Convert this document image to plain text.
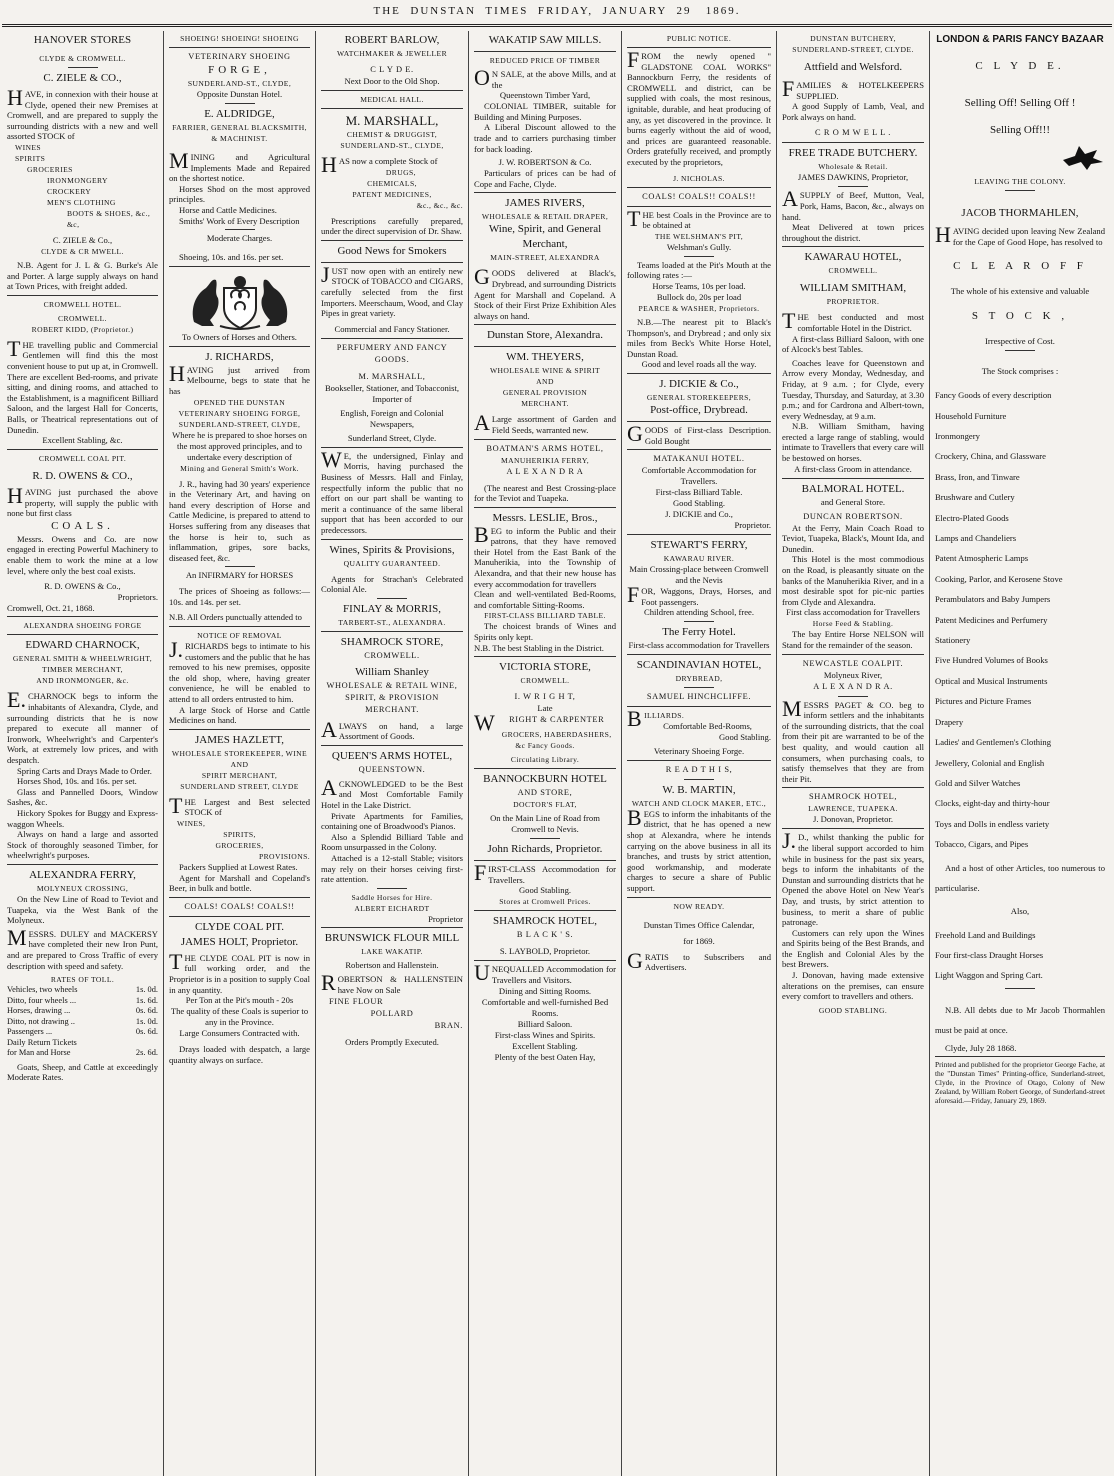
THE  DUNSTAN  TIMES  FRIDAY,  JANUARY  29   1869.

HANOVER STORES

CLYDE & CROMWELL.

C. ZIELE & CO.,

HAVE, in connexion with their house at Clyde, opened their new Premises at Cromwell, and are prepared to supply the surrounding districts with a new and well assorted STOCK of

WINES

SPIRITS

GROCERIES

IRONMONGERY

CROCKERY

MEN'S CLOTHING

BOOTS & SHOES, &c., &c,

C. ZIELE & Co.,

CLYDE & CR MWELL.

N.B. Agent for J. L & G. Burke's Ale and Porter. A large supply always on hand at Town Prices, with freight added.

CROMWELL HOTEL.

CROMWELL.

ROBERT KIDD, (Proprietor.)

THE travelling public and Commercial Gentlemen will find this the most convenient house to put up at, in Cromwell. There are excellent Bed-rooms, and private sitting, and dining rooms, and attached to the Establishment, is a magnificent Billiard Saloon, and the largest Hall for Concerts, Balls, or Theatrical representations out of Dunedin.

Excellent Stabling, &c.

CROMWELL COAL PIT.

R. D. OWENS & CO.,

HAVING just purchased the above property, will supply the public with none but first class

COALS.

Messrs. Owens and Co. are now engaged in erecting Powerful Machinery to enable them to work the mine at a low level, where only the best coal exists.

R. D. OWENS & Co.,

Proprietors.

Cromwell, Oct. 21, 1868.

ALEXANDRA SHOEING FORGE

EDWARD CHARNOCK,

GENERAL SMITH & WHEELWRIGHT,

TIMBER MERCHANT,

AND IRONMONGER, &c.

E.CHARNOCK begs to inform the inhabitants of Alexandra, Clyde, and surrounding districts that he is now prepared to execute all manner of Ironwork, Wheelwright's and Carpenter's Work, at extremely low prices, and with despatch.

Spring Carts and Drays Made to Order.

Horses Shod, 10s. and 16s. per set.

Glass and Pannelled Doors, Window Sashes, &c.

Hickory Spokes for Buggy and Express-waggon Wheels.

Always on hand a large and assorted Stock of thoroughly seasoned Timber, for wheelwright's purposes.

ALEXANDRA FERRY,

MOLYNEUX CROSSING,

On the New Line of Road to Teviot and Tuapeka, via the West Bank of the Molyneux.

MESSRS. DULEY and MACKERSY have completed their new Iron Punt, and are prepared to Cross Traffic of every description with speed and safety.

RATES OF TOLL.

Vehicles, two wheels	1s. 0d.
Ditto, four wheels ...	1s. 6d.
Horses, drawing ...	0s. 6d.
Ditto, not drawing ..	1s. 0d.
Passengers ...	0s. 6d.
Daily Return Tickets	
for Man and Horse	2s. 6d.

Goats, Sheep, and Cattle at exceedingly Moderate Rates.

SHOEING! SHOEING! SHOEING

VETERINARY SHOEING

FORGE,

SUNDERLAND-ST., CLYDE,

Opposite Dunstan Hotel.

E. ALDRIDGE,

FARRIER, GENERAL BLACKSMITH, & MACHINIST.

MINING and Agricultural Implements Made and Repaired on the shortest notice.

Horses Shod on the most approved principles.

Horse and Cattle Medicines.

Smiths' Work of Every Description

Moderate Charges.

Shoeing, 10s. and 16s. per set.

To Owners of Horses and Others.

J. RICHARDS,

HAVING just arrived from Melbourne, begs to state that he has

OPENED THE DUNSTAN

VETERINARY SHOEING FORGE,

SUNDERLAND-STREET, CLYDE,

Where he is prepared to shoe horses on the most approved principles, and to undertake every description of

Mining and General Smith's Work.

J. R., having had 30 years' experience in the Veterinary Art, and having on hand every description of Horse and Cattle Medicine, is prepared to attend to Horses suffering from any diseases that the horse is heir to, such as inflammation, gripes, sore backs, diseased feet, &c.

An INFIRMARY for HORSES

The prices of Shoeing as follows:—10s. and 14s. per set.

N.B. All Orders punctually attended to

NOTICE OF REMOVAL

J.RICHARDS begs to intimate to his customers and the public that he has removed to his new premises, opposite the old shop, where, having greater convenience, he will be enabled to attend to all orders entrusted to him.

A large Stock of Horse and Cattle Medicines on hand.

JAMES HAZLETT,

WHOLESALE STOREKEEPER, WINE

AND

SPIRIT MERCHANT,

SUNDERLAND STREET, CLYDE

THE Largest and Best selected STOCK of

WINES,

SPIRITS,

GROCERIES,

PROVISIONS.

Packers Supplied at Lowest Rates.

Agent for Marshall and Copeland's Beer, in bulk and bottle.

COALS! COALS! COALS!!

CLYDE COAL PIT.

JAMES HOLT, Proprietor.

THE CLYDE COAL PIT is now in full working order, and the Proprietor is in a position to supply Coal in any quantity.

Per Ton at the Pit's mouth - 20s

The quality of these Coals is superior to any in the Province.

Large Consumers Contracted with.

Drays loaded with despatch, a large quantity always on surface.

ROBERT BARLOW,

WATCHMAKER & JEWELLER

C L Y D E.

Next Door to the Old Shop.

MEDICAL HALL.

M. MARSHALL,

CHEMIST & DRUGGIST,

SUNDERLAND-ST., CLYDE,

HAS now a complete Stock of

DRUGS,

CHEMICALS,

PATENT MEDICINES,

&c., &c., &c.

Prescriptions carefully prepared, under the direct supervision of Dr. Shaw.

Good News for Smokers

JUST now open with an entirely new STOCK of TOBACCO and CIGARS, carefully selected from the first Importers. Meerschaum, Wood, and Clay Pipes in great variety.

Commercial and Fancy Stationer.

PERFUMERY AND FANCY GOODS.

M. MARSHALL,

Bookseller, Stationer, and Tobacconist, Importer of

English, Foreign and Colonial Newspapers,

Sunderland Street, Clyde.

WE, the undersigned, Finlay and Morris, having purchased the Business of Messrs. Hall and Finlay, respectfully inform the public that no effort on our part shall be wanting to merit a continuance of the same liberal support that has been accorded to our predecessors.

Wines, Spirits & Provisions,

QUALITY GUARANTEED.

Agents for Strachan's Celebrated Colonial Ale.

FINLAY & MORRIS,

TARBERT-ST., ALEXANDRA.

SHAMROCK STORE,

CROMWELL.

William Shanley

WHOLESALE & RETAIL WINE, SPIRIT, & PROVISION MERCHANT.

ALWAYS on hand, a large Assortment of Goods.

QUEEN'S ARMS HOTEL,

QUEENSTOWN.

ACKNOWLEDGED to be the Best and Most Comfortable Family Hotel in the Lake District.

Private Apartments for Families, containing one of Broadwood's Pianos.

Also a Splendid Billiard Table and Room unsurpassed in the Colony.

Attached is a 12-stall Stable; visitors may rely on their horses ceiving first-rate attention.

Saddle Horses for Hire.

ALBERT EICHARDT

Proprietor

BRUNSWICK FLOUR MILL

LAKE WAKATIP.

Robertson and Hallenstein.

ROBERTSON & HALLENSTEIN have Now on Sale

FINE FLOUR

POLLARD

BRAN.

Orders Promptly Executed.

WAKATIP SAW MILLS.

REDUCED PRICE OF TIMBER

ON SALE, at the above Mills, and at the

Queenstown Timber Yard,

COLONIAL TIMBER, suitable for Building and Mining Purposes.

A Liberal Discount allowed to the trade and to carriers purchasing timber for back loading.

J. W. ROBERTSON & Co.

Particulars of prices can be had of Cope and Fache, Clyde.

JAMES RIVERS,

WHOLESALE & RETAIL DRAPER,

Wine, Spirit, and General Merchant,

MAIN-STREET, ALEXANDRA

GOODS delivered at Black's, Drybread, and surrounding Districts Agent for Marshall and Copeland. A Stock of their First Prize Exhibition Ales always on hand.

Dunstan Store, Alexandra.

WM. THEYERS,

WHOLESALE WINE & SPIRIT

AND

GENERAL PROVISION

MERCHANT.

ALarge assortment of Garden and Field Seeds, warranted new.

BOATMAN'S ARMS HOTEL,

MANUHERIKIA FERRY,

A L E X A N D R A

(The nearest and Best Crossing-place for the Teviot and Tuapeka.

Messrs. LESLIE, Bros.,

BEG to inform the Public and their patrons, that they have removed their Hotel from the East Bank of the Manuherikia, into the Township of Alexandra, and that their new house has every accommodation for travellers

Clean and well-ventilated Bed-Rooms, and comfortable Sitting-Rooms.

FIRST-CLASS BILLIARD TABLE.

The choicest brands of Wines and Spirits only kept.

N.B. The best Stabling in the District.

VICTORIA STORE,

CROMWELL.

I. W R I G H T,

Late

WRIGHT & CARPENTER

GROCERS, HABERDASHERS, &c Fancy Goods.

Circulating Library.

BANNOCKBURN HOTEL

AND STORE,

DOCTOR'S FLAT,

On the Main Line of Road from Cromwell to Nevis.

John Richards, Proprietor.

FIRST-CLASS Accommodation for Travellers.

Good Stabling.

Stores at Cromwell Prices.

SHAMROCK HOTEL,

B L A C K ' S.

S. LAYBOLD, Proprietor.

UNEQUALLED Accommodation for Travellers and Visitors.

Dining and Sitting Rooms.

Comfortable and well-furnished Bed Rooms.

Billiard Saloon.

First-class Wines and Spirits.

Excellent Stabling.

Plenty of the best Oaten Hay,

PUBLIC NOTICE.

FROM the newly opened " GLADSTONE COAL WORKS" Bannockburn Ferry, the residents of CROMWELL and district, can be supplied with coals, the most resinous, ignitable, durable, and heat producing of any, as yet discovered in the province. It burns eagerly without the aid of wood, and prices are guaranteed reasonable. Orders gratefully received, and promptly executed by the proprietors,

J. NICHOLAS.

COALS! COALS!! COALS!!

THE best Coals in the Province are to be obtained at

THE WELSHMAN'S PIT,

Welshman's Gully.

Teams loaded at the Pit's Mouth at the following rates :—

Horse Teams, 10s per load.

Bullock do, 20s per load

PEARCE & WASHER, Proprietors.

N.B.—The nearest pit to Black's Thompson's, and Drybread ; and only six miles from Beck's White Horse Hotel, Dunstan Road.

Good and level roads all the way.

J. DICKIE & Co.,

GENERAL STOREKEEPERS,

Post-office, Drybread.

GOODS of First-class Description. Gold Bought

MATAKANUI HOTEL.

Comfortable Accommodation for Travellers.

First-class Billiard Table.

Good Stabling.

J. DICKIE and Co.,

Proprietor.

STEWART'S FERRY,

KAWARAU RIVER.

Main Crossing-place between Cromwell and the Nevis

FOR, Waggons, Drays, Horses, and Foot passengers.

Children attending School, free.

The Ferry Hotel.

First-class accommodation for Travellers

SCANDINAVIAN HOTEL,

DRYBREAD,

SAMUEL HINCHCLIFFE.

BILLIARDS.

Comfortable Bed-Rooms,

Good Stabling.

Veterinary Shoeing Forge.

R E A D T H I S,

W. B. MARTIN,

WATCH AND CLOCK MAKER, ETC.,

BEGS to inform the inhabitants of the district, that he has opened a new shop at Alexandra, where he intends carrying on the above business in all its branches, and trusts by strict attention, good workmanship, and moderate charges to secure a share of Public support.

NOW READY.

Dunstan Times Office Calendar,

for 1869.

GRATIS to Subscribers and Advertisers.

DUNSTAN BUTCHERY,

SUNDERLAND-STREET, CLYDE.

Attfield and Welsford.

FAMILIES & HOTELKEEPERS SUPPLIED.

A good Supply of Lamb, Veal, and Pork always on hand.

C R O M W E L L .

FREE TRADE BUTCHERY.

Wholesale & Retail.

JAMES DAWKINS, Proprietor,

ASUPPLY of Beef, Mutton, Veal, Pork, Hams, Bacon, &c., always on hand.

Meat Delivered at town prices throughout the district.

KAWARAU HOTEL,

CROMWELL.

WILLIAM SMITHAM,

PROPRIETOR.

THE best conducted and most comfortable Hotel in the District.

A first-class Billiard Saloon, with one of Alcock's best Tables.

Coaches leave for Queenstown and Arrow every Monday, Wednesday, and Friday, at 9 a.m. ; for Clyde, every Tuesday, Thursday, and Saturday, at 3.30 p.m.; and for Cardrona and Albert-town, every Wednesday, at 9 a.m.

N.B. William Smitham, having erected a large range of stabling, would intimate to Travellers that every care will be bestowed on horses.

A first-class Groom in attendance.

BALMORAL HOTEL.

and General Store.

DUNCAN ROBERTSON.

At the Ferry, Main Coach Road to Teviot, Tuapeka, Black's, Mount Ida, and Dunedin.

This Hotel is the most commodious on the Road, is pleasantly situate on the banks of the Manuherikia River, and in a most desirable spot for pic-nic parties from Clyde and Alexandra.

First class accomodation for Travellers

Horse Feed & Stabling.

The bay Entire Horse NELSON will Stand for the remainder of the season.

NEWCASTLE COALPIT.

Molyneux River,

A L E X A N D R A.

MESSRS PAGET & CO. beg to inform settlers and the inhabitants of the surrounding districts, that the coal from their pit are warranted to be of the best quality, and would caution all consumers, when purchasing coals, to satisfy themselves that they are from their Pit.

SHAMROCK HOTEL,

LAWRENCE, TUAPEKA.

J. Donovan, Proprietor.

J.D., whilst thanking the public for the liberal support accorded to him while in business for the past six years, begs to inform the inhabitants of the Dunstan and surrounding districts that he Opened the above Hotel on New Year's Day, and trusts, by strict attention to business, to merit a share of public patronage.

Customers can rely upon the Wines and Spirits being of the Best Brands, and the English and Colonial Ales by the best Brewers.

J. Donovan, having made extensive alterations on the premises, can ensure every comfort to travellers and others.

GOOD STABLING.

LONDON & PARIS FANCY BAZAAR

C L Y D E.

Selling Off! Selling Off !

Selling Off!!!

LEAVING THE COLONY.

JACOB THORMAHLEN,

HAVING decided upon leaving New Zealand for the Cape of Good Hope, has resolved to

C L E A R O F F

The whole of his extensive and valuable

S T O C K ,

Irrespective of Cost.

The Stock comprises :

Fancy Goods of every description

Household Furniture

Ironmongery

Crockery, China, and Glassware

Brass, Iron, and Tinware

Brushware and Cutlery

Electro-Plated Goods

Lamps and Chandeliers

Patent Atmospheric Lamps

Cooking, Parlor, and Kerosene Stove

Perambulators and Baby Jumpers

Patent Medicines and Perfumery

Stationery

Five Hundred Volumes of Books

Optical and Musical Instruments

Pictures and Picture Frames

Drapery

Ladies' and Gentlemen's Clothing

Jewellery, Colonial and English

Gold and Silver Watches

Clocks, eight-day and thirty-hour

Toys and Dolls in endless variety

Tobacco, Cigars, and Pipes

And a host of other Articles, too numerous to particularise.

Also,

Freehold Land and Buildings

Four first-class Draught Horses

Light Waggon and Spring Cart.

N.B. All debts due to Mr Jacob Thormahlen must be paid at once.

Clyde, July 28 1868.

Printed and published for the proprietor George Fache, at the "Dunstan Times" Printing-office, Sunderland-street, Clyde, in the Province of Otago, Colony of New Zealand, by William Robert George, of Sunderland-street aforesaid.—Friday, January 29, 1869.
